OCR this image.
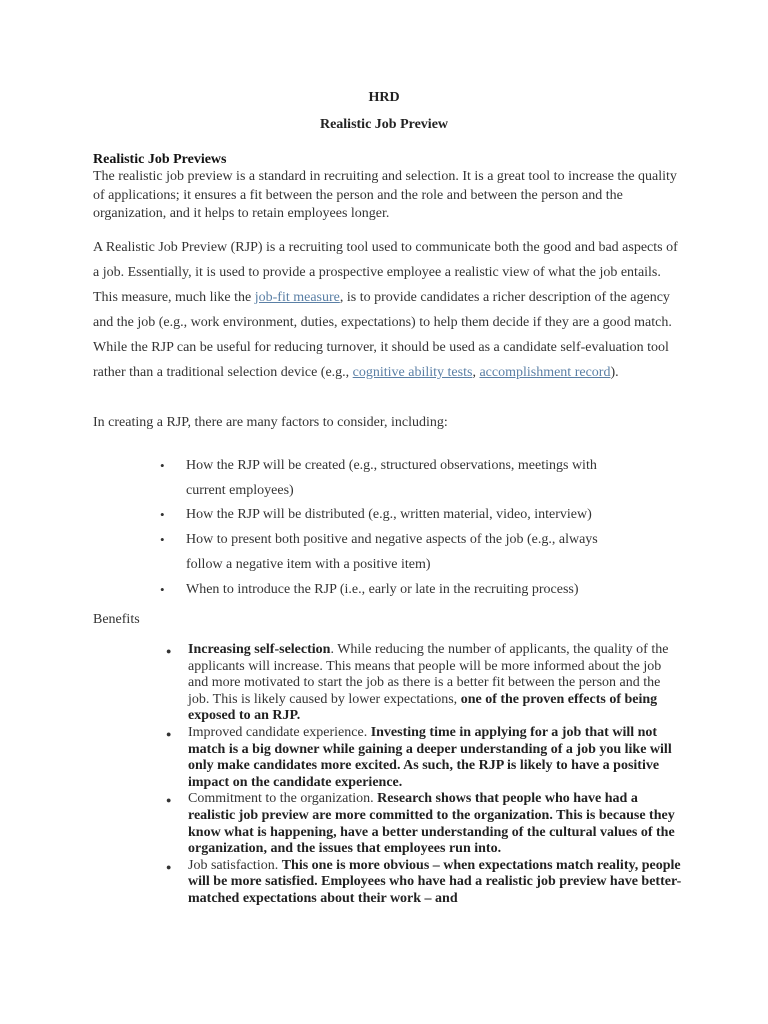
HRD
Realistic Job Preview
Realistic Job Previews
The realistic job preview is a standard in recruiting and selection. It is a great tool to increase the quality of applications; it ensures a fit between the person and the role and between the person and the organization, and it helps to retain employees longer.
A Realistic Job Preview (RJP) is a recruiting tool used to communicate both the good and bad aspects of a job. Essentially, it is used to provide a prospective employee a realistic view of what the job entails. This measure, much like the job-fit measure, is to provide candidates a richer description of the agency and the job (e.g., work environment, duties, expectations) to help them decide if they are a good match. While the RJP can be useful for reducing turnover, it should be used as a candidate self-evaluation tool rather than a traditional selection device (e.g., cognitive ability tests, accomplishment record).
In creating a RJP, there are many factors to consider, including:
• How the RJP will be created (e.g., structured observations, meetings with current employees)
• How the RJP will be distributed (e.g., written material, video, interview)
• How to present both positive and negative aspects of the job (e.g., always follow a negative item with a positive item)
• When to introduce the RJP (i.e., early or late in the recruiting process)
Benefits
● Increasing self-selection. While reducing the number of applicants, the quality of the applicants will increase. This means that people will be more informed about the job and more motivated to start the job as there is a better fit between the person and the job. This is likely caused by lower expectations, one of the proven effects of being exposed to an RJP.
● Improved candidate experience. Investing time in applying for a job that will not match is a big downer while gaining a deeper understanding of a job you like will only make candidates more excited. As such, the RJP is likely to have a positive impact on the candidate experience.
● Commitment to the organization. Research shows that people who have had a realistic job preview are more committed to the organization. This is because they know what is happening, have a better understanding of the cultural values of the organization, and the issues that employees run into.
● Job satisfaction. This one is more obvious – when expectations match reality, people will be more satisfied. Employees who have had a realistic job preview have better-matched expectations about their work – and
